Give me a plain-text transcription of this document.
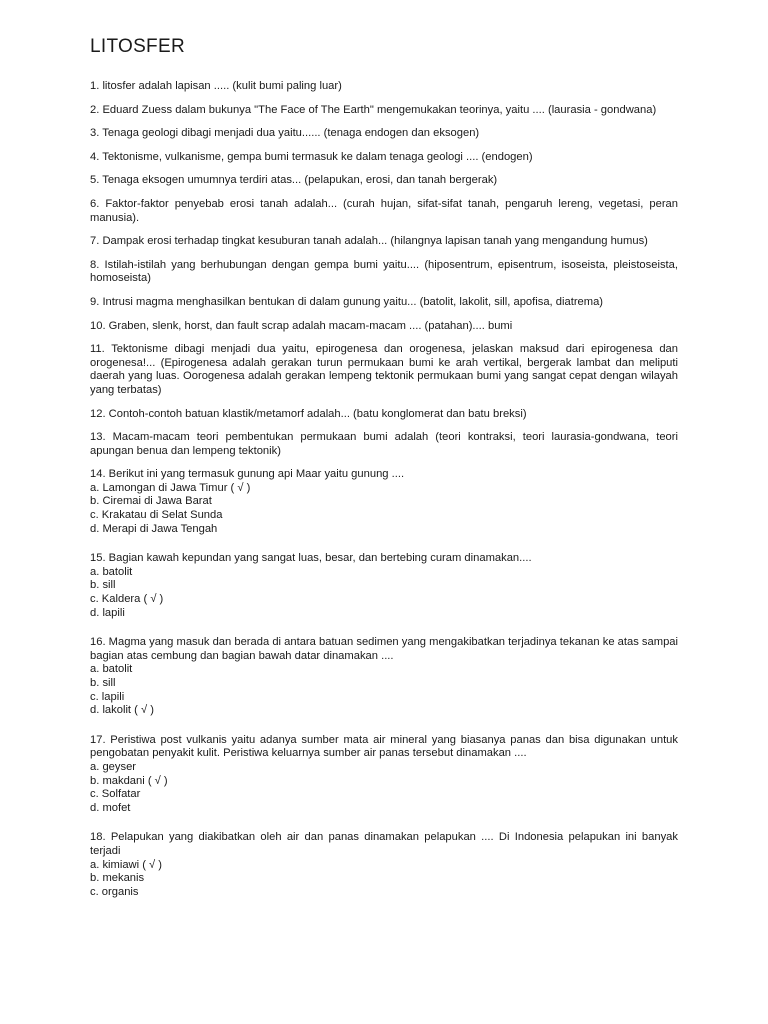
LITOSFER

1. litosfer adalah lapisan ..... (kulit bumi paling luar)

2. Eduard Zuess dalam bukunya "The Face of The Earth" mengemukakan teorinya, yaitu .... (laurasia - gondwana)

3. Tenaga geologi dibagi menjadi dua yaitu...... (tenaga endogen dan eksogen)

4. Tektonisme, vulkanisme, gempa bumi termasuk ke dalam tenaga geologi .... (endogen)

5. Tenaga eksogen umumnya terdiri atas... (pelapukan, erosi, dan tanah bergerak)

6. Faktor-faktor penyebab erosi tanah adalah... (curah hujan, sifat-sifat tanah, pengaruh lereng, vegetasi, peran manusia).

7. Dampak erosi terhadap tingkat kesuburan tanah adalah... (hilangnya lapisan tanah yang mengandung humus)

8. Istilah-istilah yang berhubungan dengan gempa bumi yaitu.... (hiposentrum, episentrum, isoseista, pleistoseista, homoseista)

9. Intrusi magma menghasilkan bentukan di dalam gunung yaitu... (batolit, lakolit, sill, apofisa, diatrema)

10. Graben, slenk, horst, dan fault scrap adalah macam-macam .... (patahan).... bumi

11. Tektonisme dibagi menjadi dua yaitu, epirogenesa dan orogenesa, jelaskan maksud dari epirogenesa dan orogenesa!... (Epirogenesa adalah gerakan turun permukaan bumi ke arah vertikal, bergerak lambat dan meliputi daerah yang luas. Oorogenesa adalah gerakan lempeng tektonik permukaan bumi yang sangat cepat dengan wilayah yang terbatas)

12. Contoh-contoh batuan klastik/metamorf adalah... (batu konglomerat dan batu breksi)

13. Macam-macam teori pembentukan permukaan bumi adalah (teori kontraksi, teori laurasia-gondwana, teori apungan benua dan lempeng tektonik)

14. Berikut ini yang termasuk gunung api Maar yaitu gunung ....

a. Lamongan di Jawa Timur ( √ )
b. Ciremai di Jawa Barat
c. Krakatau di Selat Sunda
d. Merapi di Jawa Tengah

15. Bagian kawah kepundan yang sangat luas, besar, dan bertebing curam dinamakan....

a. batolit
b. sill
c. Kaldera ( √ )
d. lapili

16. Magma yang masuk dan berada di antara batuan sedimen yang mengakibatkan terjadinya tekanan ke atas sampai bagian atas cembung dan bagian bawah datar dinamakan ....

a. batolit
b. sill
c. lapili
d. lakolit ( √ )

17. Peristiwa post vulkanis yaitu adanya sumber mata air mineral yang biasanya panas dan bisa digunakan untuk pengobatan penyakit kulit. Peristiwa keluarnya sumber air panas tersebut dinamakan ....

a. geyser
b. makdani ( √ )
c. Solfatar
d. mofet

18. Pelapukan yang diakibatkan oleh air dan panas dinamakan pelapukan .... Di Indonesia pelapukan ini banyak terjadi

a. kimiawi ( √ )
b. mekanis
c. organis
